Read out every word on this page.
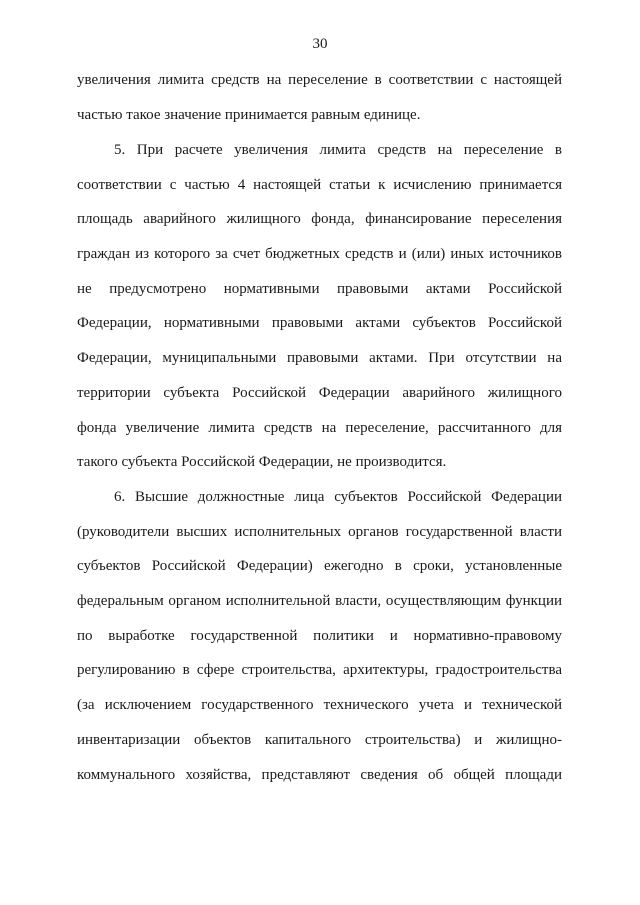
30
увеличения лимита средств на переселение в соответствии с настоящей
частью такое значение принимается равным единице.
5. При расчете увеличения лимита средств на переселение в
соответствии с частью 4 настоящей статьи к исчислению принимается
площадь аварийного жилищного фонда, финансирование переселения
граждан из которого за счет бюджетных средств и (или) иных источников
не предусмотрено нормативными правовыми актами Российской
Федерации, нормативными правовыми актами субъектов Российской
Федерации, муниципальными правовыми актами. При отсутствии на
территории субъекта Российской Федерации аварийного жилищного
фонда увеличение лимита средств на переселение, рассчитанного для
такого субъекта Российской Федерации, не производится.
6. Высшие должностные лица субъектов Российской Федерации
(руководители высших исполнительных органов государственной власти
субъектов Российской Федерации) ежегодно в сроки, установленные
федеральным органом исполнительной власти, осуществляющим функции
по выработке государственной политики и нормативно-правовому
регулированию в сфере строительства, архитектуры, градостроительства
(за исключением государственного технического учета и технической
инвентаризации объектов капитального строительства) и жилищно-
коммунального хозяйства, представляют сведения об общей площади
